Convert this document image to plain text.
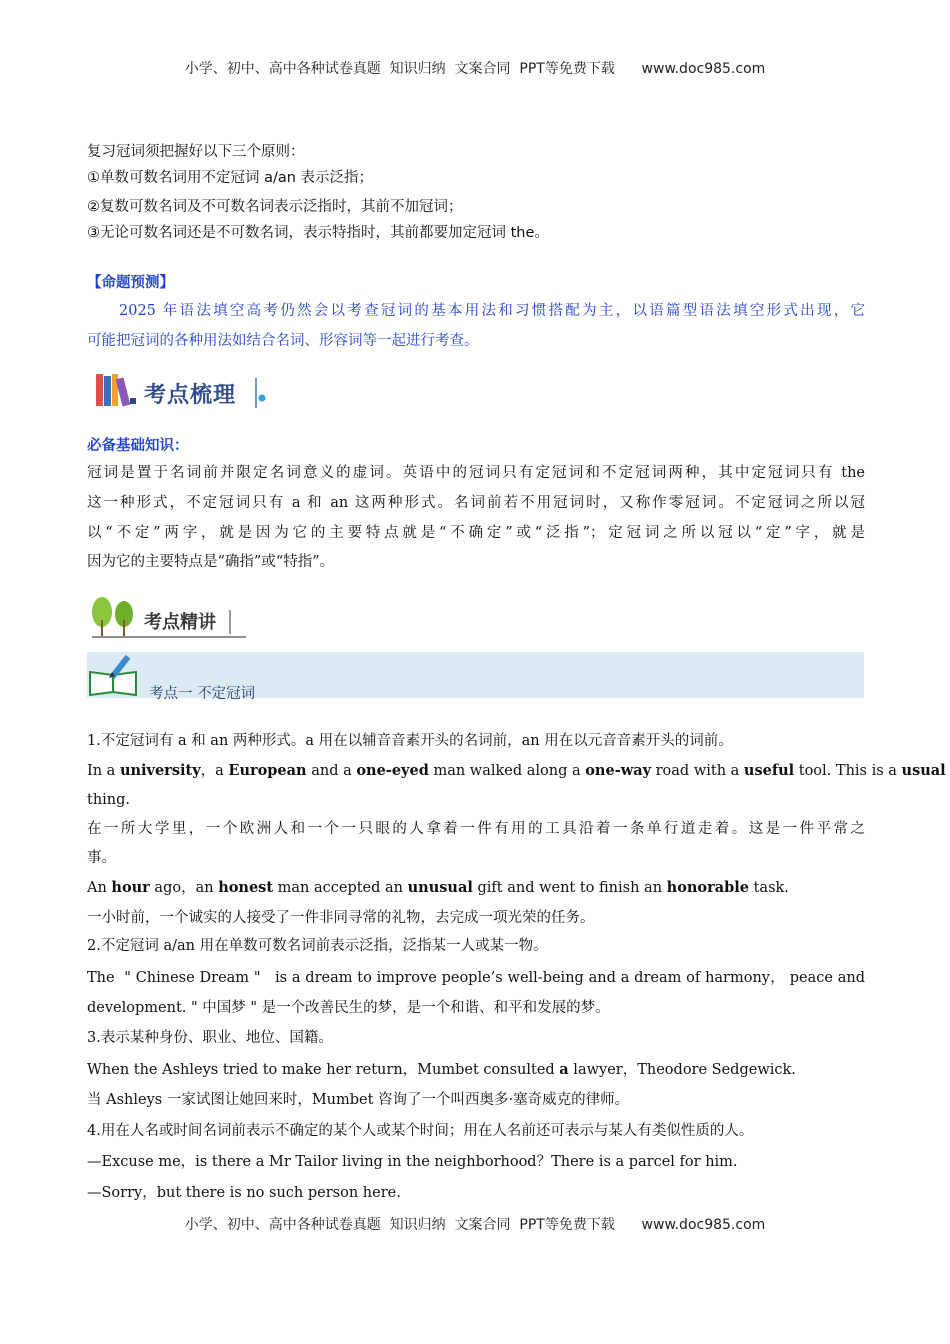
小学、初中、高中各种试卷真题  知识归纳  文案合同  PPT等免费下载      www.doc985.com
复习冠词须把握好以下三个原则：
①单数可数名词用不定冠词 a/an 表示泛指；
②复数可数名词及不可数名词表示泛指时，其前不加冠词；
③无论可数名词还是不可数名词，表示特指时，其前都要加定冠词 the。
【命题预测】
2025 年语法填空高考仍然会以考查冠词的基本用法和习惯搭配为主，以语篇型语法填空形式出现，它
可能把冠词的各种用法如结合名词、形容词等一起进行考查。
考点梳理
必备基础知识：
冠词是置于名词前并限定名词意义的虚词。英语中的冠词只有定冠词和不定冠词两种，其中定冠词只有 the
这一种形式，不定冠词只有 a 和 an 这两种形式。名词前若不用冠词时，又称作零冠词。不定冠词之所以冠
以“不定”两字，就是因为它的主要特点就是“不确定”或“泛指”；定冠词之所以冠以“定”字，就是
因为它的主要特点是“确指”或“特指”。
考点精讲
考点一 不定冠词
1.不定冠词有 a 和 an 两种形式。a 用在以辅音音素开头的名词前，an 用在以元音音素开头的词前。
In a university，a European and a one-eyed man walked along a one-way road with a useful tool. This is a usual
thing.
在一所大学里，一个欧洲人和一个一只眼的人拿着一件有用的工具沿着一条单行道走着。这是一件平常之
事。
An hour ago，an honest man accepted an unusual gift and went to finish an honorable task.
一小时前，一个诚实的人接受了一件非同寻常的礼物，去完成一项光荣的任务。
2.不定冠词 a/an 用在单数可数名词前表示泛指，泛指某一人或某一物。
The  " Chinese Dream "   is a dream to improve people’s well-being and a dream of harmony， peace and
development. " 中国梦 " 是一个改善民生的梦，是一个和谐、和平和发展的梦。
3.表示某种身份、职业、地位、国籍。
When the Ashleys tried to make her return，Mumbet consulted a lawyer，Theodore Sedgewick.
当 Ashleys 一家试图让她回来时，Mumbet 咨询了一个叫西奥多·塞奇威克的律师。
4.用在人名或时间名词前表示不确定的某个人或某个时间；用在人名前还可表示与某人有类似性质的人。
—Excuse me，is there a Mr Tailor living in the neighborhood？There is a parcel for him.
—Sorry，but there is no such person here.
小学、初中、高中各种试卷真题  知识归纳  文案合同  PPT等免费下载      www.doc985.com
